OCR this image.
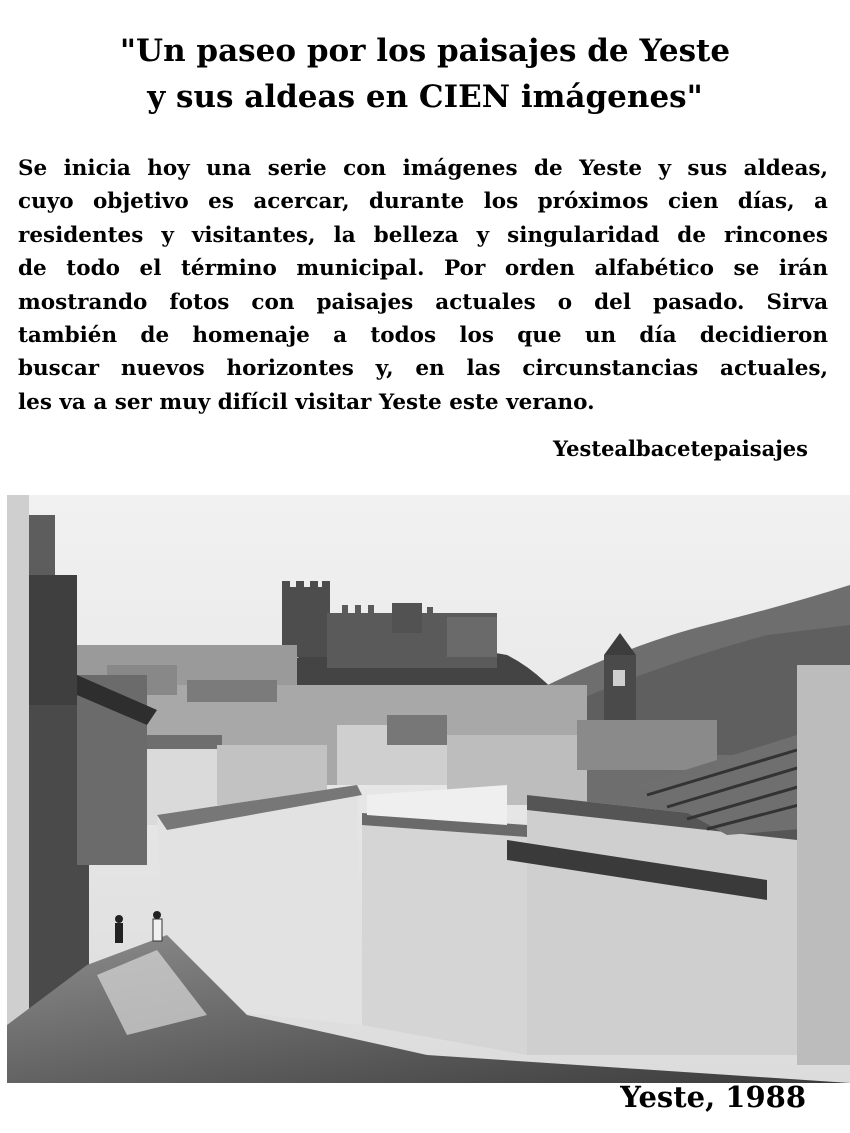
"Un paseo por los paisajes de Yeste
y sus aldeas en CIEN imágenes"

Se inicia hoy una serie con imágenes de Yeste y sus aldeas,
cuyo objetivo es acercar, durante los próximos cien días, a
residentes y visitantes, la belleza y singularidad de rincones
de todo el término municipal. Por orden alfabético se irán
mostrando fotos con paisajes actuales o del pasado. Sirva
también de homenaje a todos los que un día decidieron
buscar nuevos horizontes y, en las circunstancias actuales,
les va a ser muy difícil visitar Yeste este verano.

Yestealbacetepaisajes

Yeste, 1988
